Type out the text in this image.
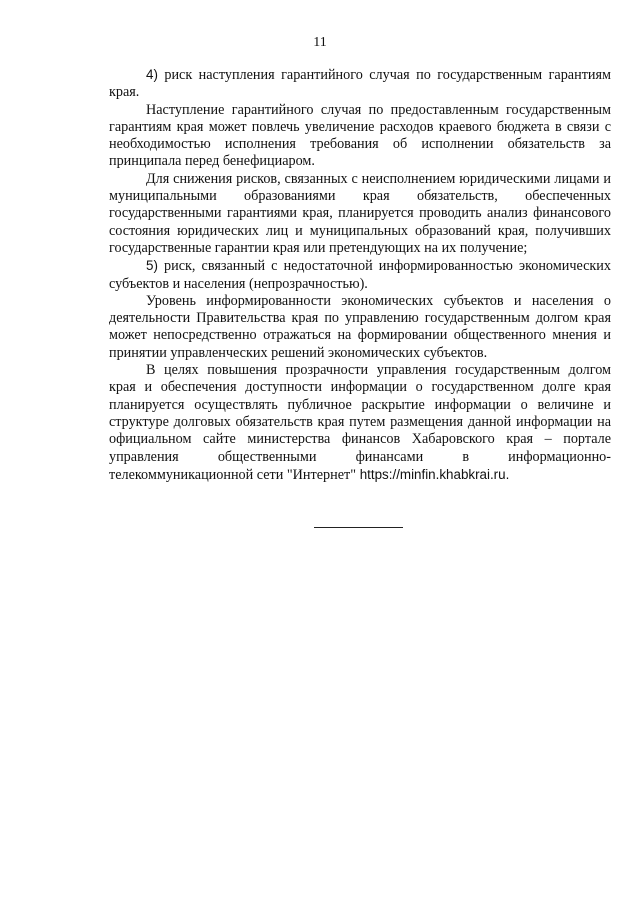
11

4) риск наступления гарантийного случая по государственным гарантиям края.

Наступление гарантийного случая по предоставленным государственным гарантиям края может повлечь увеличение расходов краевого бюджета в связи с необходимостью исполнения требования об исполнении обязательств за принципала перед бенефициаром.

Для снижения рисков, связанных с неисполнением юридическими лицами и муниципальными образованиями края обязательств, обеспеченных государственными гарантиями края, планируется проводить анализ финансового состояния юридических лиц и муниципальных образований края, получивших государственные гарантии края или претендующих на их получение;

5) риск, связанный с недостаточной информированностью экономических субъектов и населения (непрозрачностью).

Уровень информированности экономических субъектов и населения о деятельности Правительства края по управлению государственным долгом края может непосредственно отражаться на формировании общественного мнения и принятии управленческих решений экономических субъектов.

В целях повышения прозрачности управления государственным долгом края и обеспечения доступности информации о государственном долге края планируется осуществлять публичное раскрытие информации о величине и структуре долговых обязательств края путем размещения данной информации на официальном сайте министерства финансов Хабаровского края – портале управления общественными финансами в информационно-телекоммуникационной сети "Интернет" https://minfin.khabkrai.ru.
